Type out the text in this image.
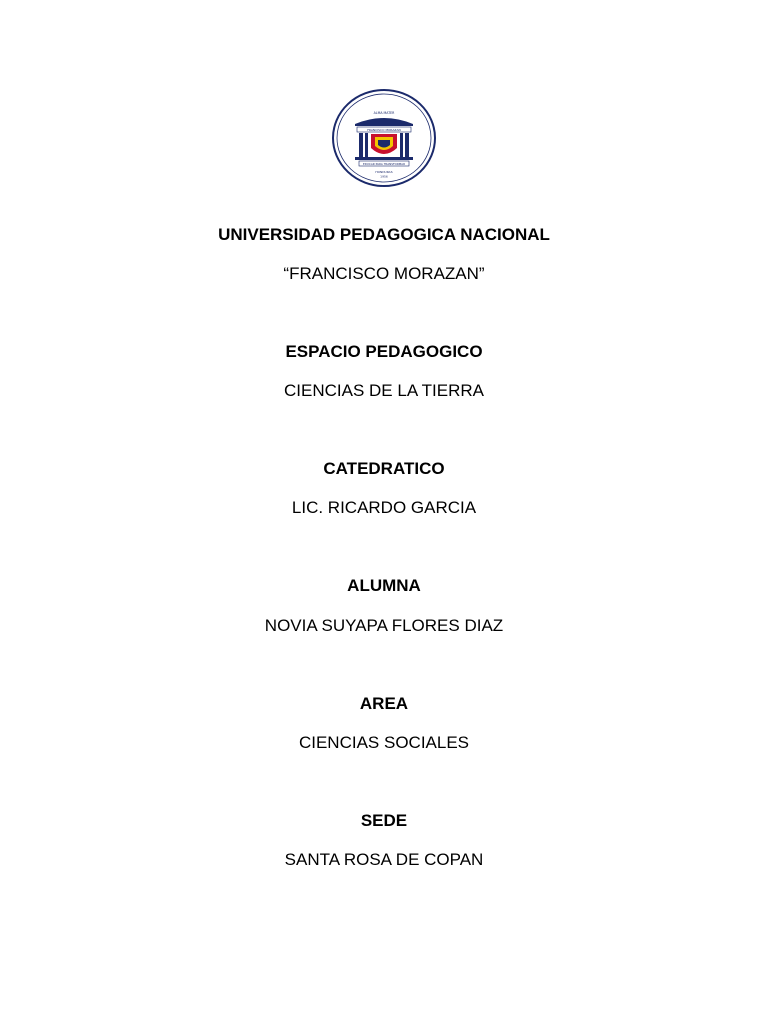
ALMA MATER
FRANCISCO MORAZAN
EDUCAR PARA TRANSFORMAR
HONDURAS
1956
UNIVERSIDAD PEDAGOGICA NACIONAL
“FRANCISCO MORAZAN”
ESPACIO PEDAGOGICO
CIENCIAS DE LA TIERRA
CATEDRATICO
LIC. RICARDO GARCIA
ALUMNA
NOVIA SUYAPA FLORES DIAZ
AREA
CIENCIAS SOCIALES
SEDE
SANTA ROSA DE COPAN
